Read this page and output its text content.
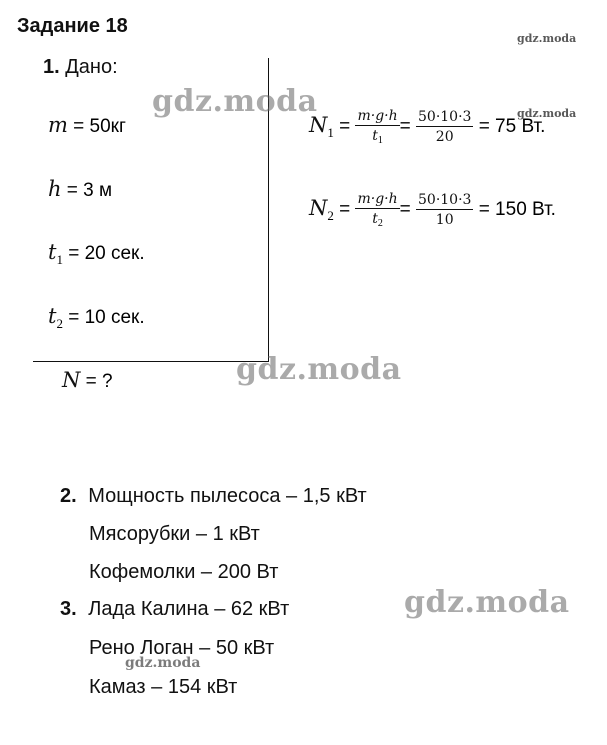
Задание 18
1. Дано:
m = 50кг
h = 3 м
$t_1 = 20$ сек.
$t_2 = 10$ сек.
N = ?
$N_1 = \frac{m\cdot g\cdot h}{t_1} = \frac{50\cdot 10\cdot 3}{20} = 75$ Вт.
$N_2 = \frac{m\cdot g\cdot h}{t_2} = \frac{50\cdot 10\cdot 3}{10} = 150$ Вт.
2. Мощность пылесоса – 1,5 кВт
Мясорубки – 1 кВт
Кофемолки – 200 Вт
3. Лада Калина – 62 кВт
Рено Логан – 50 кВт
Камаз – 154 кВт
gdz.moda
gdz.moda	gdz.moda
gdz.moda
gdz.moda
gdz.moda
